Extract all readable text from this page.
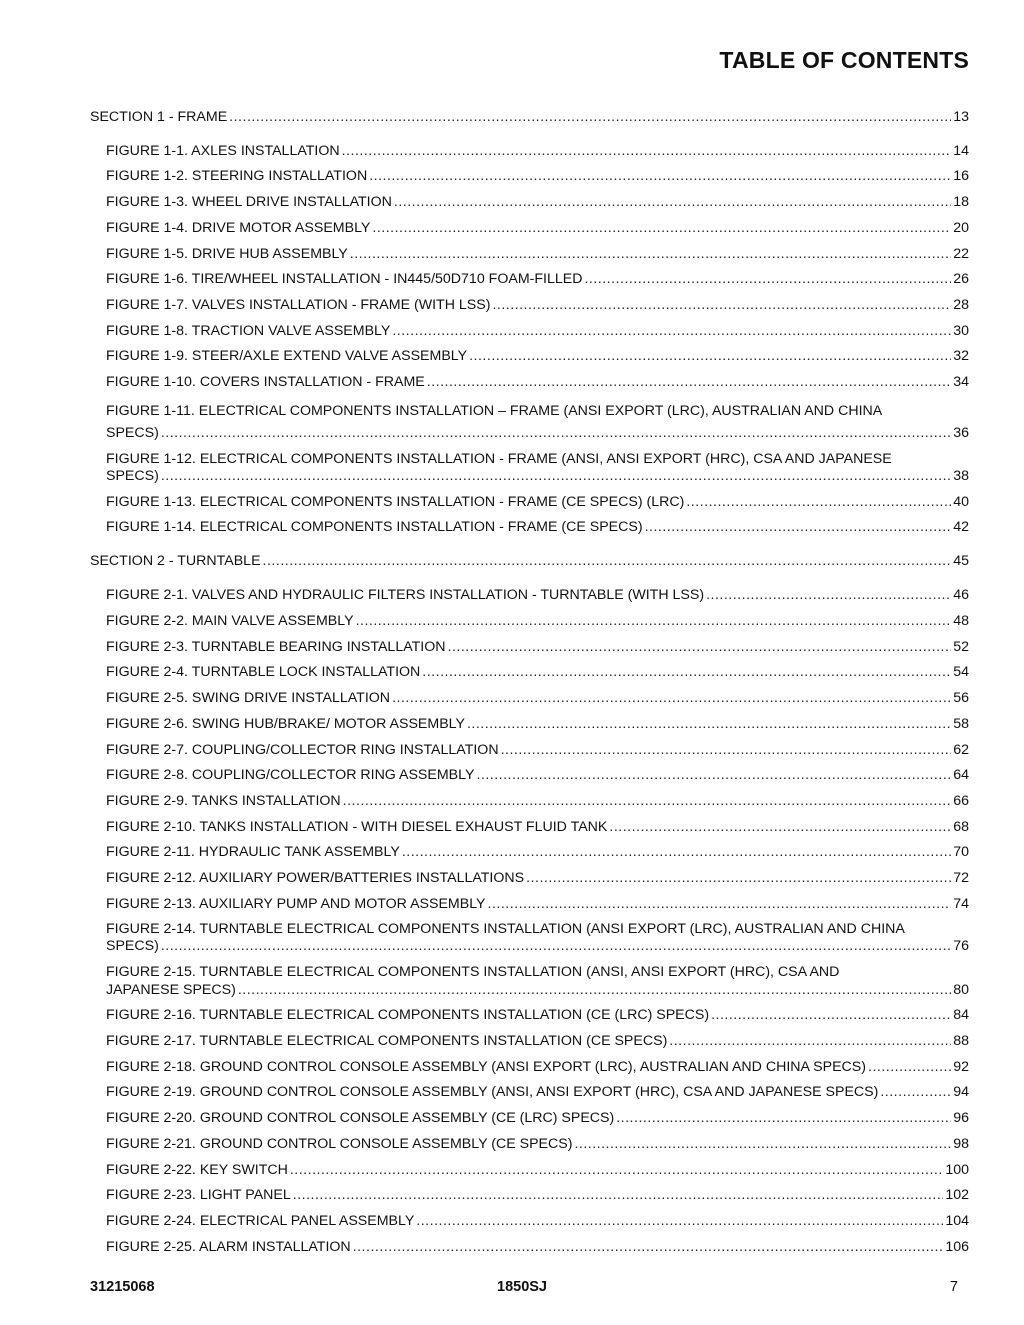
TABLE OF CONTENTS
SECTION 1 - FRAME .....	13
FIGURE 1-1. AXLES INSTALLATION .....	14
FIGURE 1-2. STEERING INSTALLATION .....	16
FIGURE 1-3. WHEEL DRIVE INSTALLATION .....	18
FIGURE 1-4. DRIVE MOTOR ASSEMBLY .....	20
FIGURE 1-5. DRIVE HUB ASSEMBLY .....	22
FIGURE 1-6. TIRE/WHEEL INSTALLATION - IN445/50D710 FOAM-FILLED .....	26
FIGURE 1-7. VALVES INSTALLATION - FRAME (WITH LSS) .....	28
FIGURE 1-8. TRACTION VALVE ASSEMBLY .....	30
FIGURE 1-9. STEER/AXLE EXTEND VALVE ASSEMBLY .....	32
FIGURE 1-10. COVERS INSTALLATION - FRAME .....	34
FIGURE 1-11. ELECTRICAL COMPONENTS INSTALLATION – FRAME (ANSI EXPORT (LRC), AUSTRALIAN AND CHINA
SPECS) .....	36
FIGURE 1-12. ELECTRICAL COMPONENTS INSTALLATION - FRAME (ANSI, ANSI EXPORT (HRC), CSA AND JAPANESE
SPECS) .....	38
FIGURE 1-13. ELECTRICAL COMPONENTS INSTALLATION - FRAME (CE SPECS) (LRC) .....	40
FIGURE 1-14. ELECTRICAL COMPONENTS INSTALLATION - FRAME (CE SPECS) .....	42
SECTION 2 - TURNTABLE .....	45
FIGURE 2-1. VALVES AND HYDRAULIC FILTERS INSTALLATION - TURNTABLE (WITH LSS) .....	46
FIGURE 2-2. MAIN VALVE ASSEMBLY .....	48
FIGURE 2-3. TURNTABLE BEARING INSTALLATION .....	52
FIGURE 2-4. TURNTABLE LOCK INSTALLATION .....	54
FIGURE 2-5. SWING DRIVE INSTALLATION .....	56
FIGURE 2-6. SWING HUB/BRAKE/ MOTOR ASSEMBLY .....	58
FIGURE 2-7. COUPLING/COLLECTOR RING INSTALLATION .....	62
FIGURE 2-8. COUPLING/COLLECTOR RING ASSEMBLY .....	64
FIGURE 2-9. TANKS INSTALLATION .....	66
FIGURE 2-10. TANKS INSTALLATION - WITH DIESEL EXHAUST FLUID TANK .....	68
FIGURE 2-11. HYDRAULIC TANK ASSEMBLY .....	70
FIGURE 2-12. AUXILIARY POWER/BATTERIES INSTALLATIONS .....	72
FIGURE 2-13. AUXILIARY PUMP AND MOTOR ASSEMBLY .....	74
FIGURE 2-14. TURNTABLE ELECTRICAL COMPONENTS INSTALLATION (ANSI EXPORT (LRC), AUSTRALIAN AND CHINA
SPECS) .....	76
FIGURE 2-15. TURNTABLE ELECTRICAL COMPONENTS INSTALLATION (ANSI, ANSI EXPORT (HRC), CSA AND
JAPANESE SPECS) .....	80
FIGURE 2-16. TURNTABLE ELECTRICAL COMPONENTS INSTALLATION (CE (LRC) SPECS) .....	84
FIGURE 2-17. TURNTABLE ELECTRICAL COMPONENTS INSTALLATION (CE SPECS) .....	88
FIGURE 2-18. GROUND CONTROL CONSOLE ASSEMBLY (ANSI EXPORT (LRC), AUSTRALIAN AND CHINA SPECS) .....	92
FIGURE 2-19. GROUND CONTROL CONSOLE ASSEMBLY (ANSI, ANSI EXPORT (HRC), CSA AND JAPANESE SPECS) .....	94
FIGURE 2-20. GROUND CONTROL CONSOLE ASSEMBLY (CE (LRC) SPECS) .....	96
FIGURE 2-21. GROUND CONTROL CONSOLE ASSEMBLY (CE SPECS) .....	98
FIGURE 2-22. KEY SWITCH .....	100
FIGURE 2-23. LIGHT PANEL .....	102
FIGURE 2-24. ELECTRICAL PANEL ASSEMBLY .....	104
FIGURE 2-25. ALARM INSTALLATION .....	106
31215068	1850SJ	7
